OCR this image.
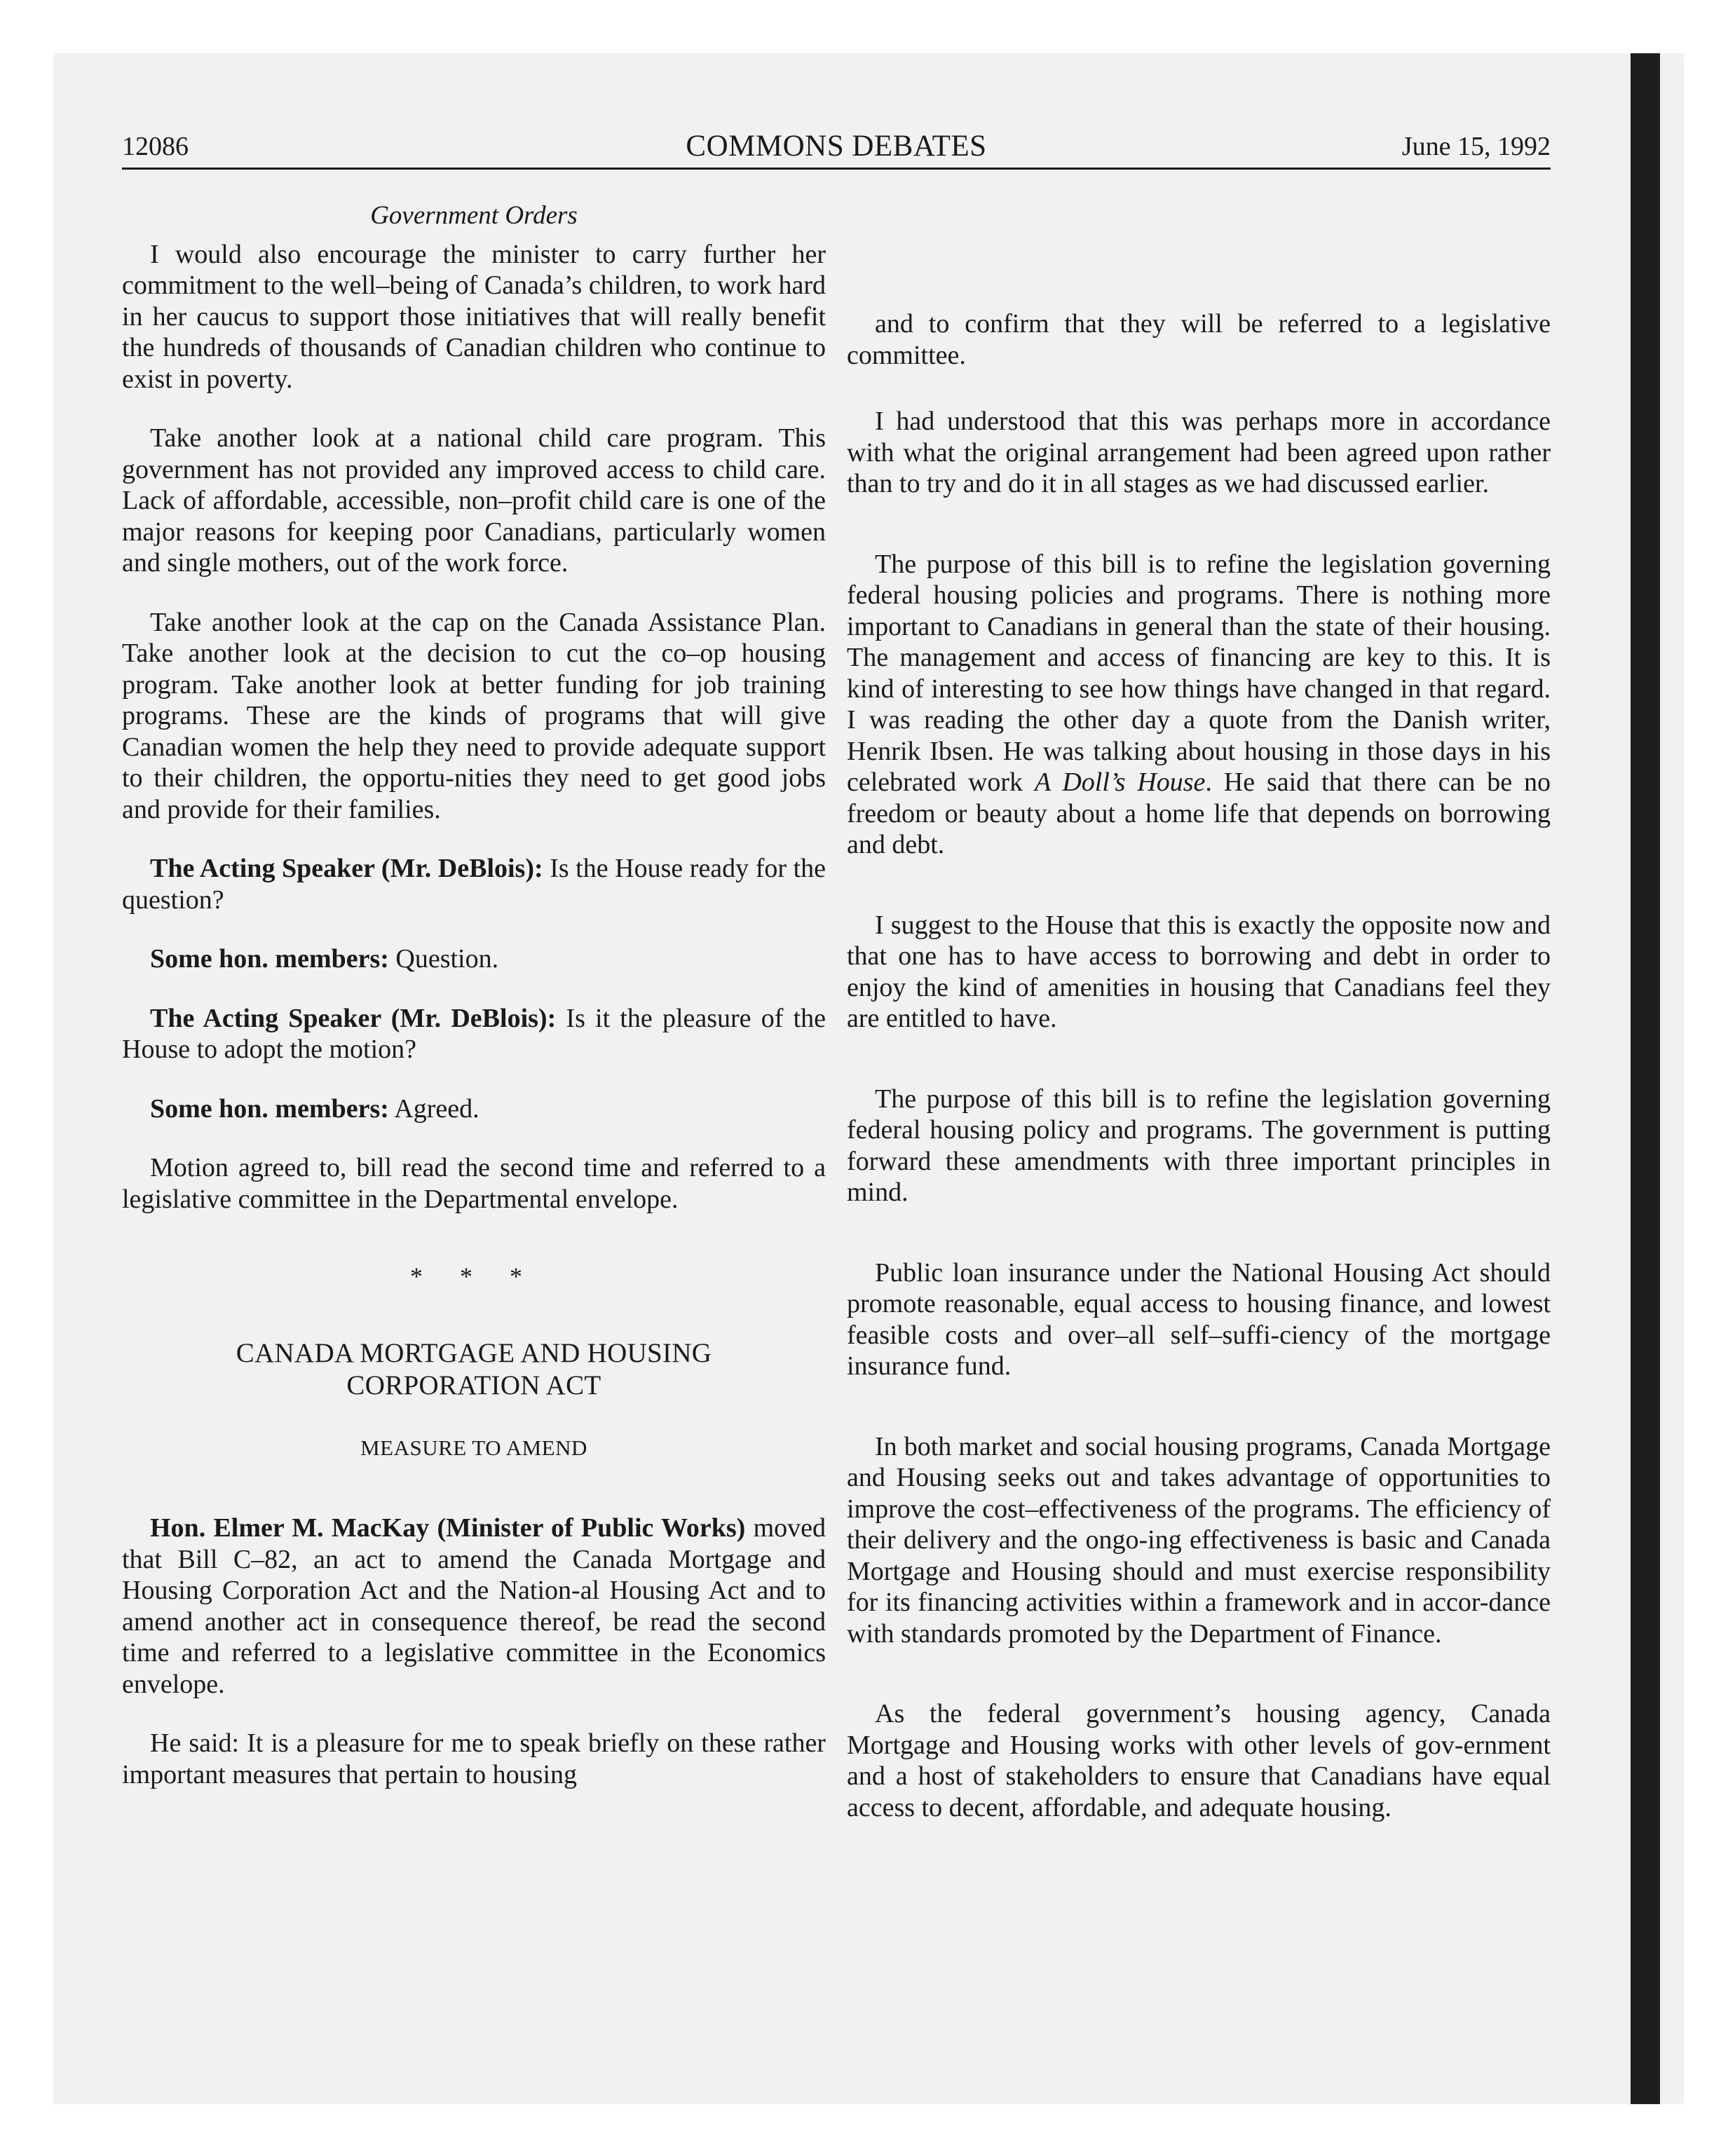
12086	COMMONS DEBATES	June 15, 1992
Government Orders

I would also encourage the minister to carry further her commitment to the well–being of Canada’s children, to work hard in her caucus to support those initiatives that will really benefit the hundreds of thousands of Canadian children who continue to exist in poverty.

Take another look at a national child care program. This government has not provided any improved access to child care. Lack of affordable, accessible, non–profit child care is one of the major reasons for keeping poor Canadians, particularly women and single mothers, out of the work force.

Take another look at the cap on the Canada Assistance Plan. Take another look at the decision to cut the co–op housing program. Take another look at better funding for job training programs. These are the kinds of programs that will give Canadian women the help they need to provide adequate support to their children, the opportu-nities they need to get good jobs and provide for their families.

The Acting Speaker (Mr. DeBlois): Is the House ready for the question?

Some hon. members: Question.

The Acting Speaker (Mr. DeBlois): Is it the pleasure of the House to adopt the motion?

Some hon. members: Agreed.

Motion agreed to, bill read the second time and referred to a legislative committee in the Departmental envelope.

* * *
CANADA MORTGAGE AND HOUSING
CORPORATION ACT
MEASURE TO AMEND

Hon. Elmer M. MacKay (Minister of Public Works) moved that Bill C–82, an act to amend the Canada Mortgage and Housing Corporation Act and the Nation-al Housing Act and to amend another act in consequence thereof, be read the second time and referred to a legislative committee in the Economics envelope.

He said: It is a pleasure for me to speak briefly on these rather important measures that pertain to housing

and to confirm that they will be referred to a legislative committee.

I had understood that this was perhaps more in accordance with what the original arrangement had been agreed upon rather than to try and do it in all stages as we had discussed earlier.

The purpose of this bill is to refine the legislation governing federal housing policies and programs. There is nothing more important to Canadians in general than the state of their housing. The management and access of financing are key to this. It is kind of interesting to see how things have changed in that regard. I was reading the other day a quote from the Danish writer, Henrik Ibsen. He was talking about housing in those days in his celebrated work A Doll’s House. He said that there can be no freedom or beauty about a home life that depends on borrowing and debt.

I suggest to the House that this is exactly the opposite now and that one has to have access to borrowing and debt in order to enjoy the kind of amenities in housing that Canadians feel they are entitled to have.

The purpose of this bill is to refine the legislation governing federal housing policy and programs. The government is putting forward these amendments with three important principles in mind.

Public loan insurance under the National Housing Act should promote reasonable, equal access to housing finance, and lowest feasible costs and over–all self–suffi-ciency of the mortgage insurance fund.

In both market and social housing programs, Canada Mortgage and Housing seeks out and takes advantage of opportunities to improve the cost–effectiveness of the programs. The efficiency of their delivery and the ongo-ing effectiveness is basic and Canada Mortgage and Housing should and must exercise responsibility for its financing activities within a framework and in accor-dance with standards promoted by the Department of Finance.

As the federal government’s housing agency, Canada Mortgage and Housing works with other levels of gov-ernment and a host of stakeholders to ensure that Canadians have equal access to decent, affordable, and adequate housing.
